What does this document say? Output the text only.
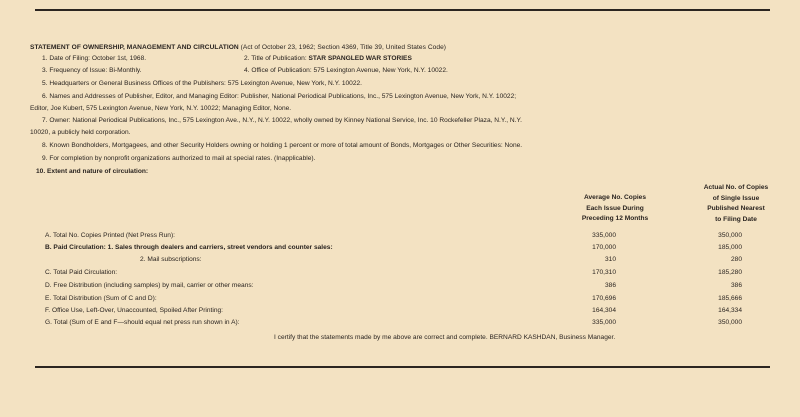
STATEMENT OF OWNERSHIP, MANAGEMENT AND CIRCULATION (Act of October 23, 1962; Section 4369, Title 39, United States Code)
1. Date of Filing: October 1st, 1968.	2. Title of Publication: STAR SPANGLED WAR STORIES
3. Frequency of Issue: Bi-Monthly.	4. Office of Publication: 575 Lexington Avenue, New York, N.Y. 10022.
5. Headquarters or General Business Offices of the Publishers: 575 Lexington Avenue, New York, N.Y. 10022.
6. Names and Addresses of Publisher, Editor, and Managing Editor: Publisher, National Periodical Publications, Inc., 575 Lexington Avenue, New York, N.Y. 10022;
Editor, Joe Kubert, 575 Lexington Avenue, New York, N.Y. 10022; Managing Editor, None.
7. Owner: National Periodical Publications, Inc., 575 Lexington Ave., N.Y., N.Y. 10022, wholly owned by Kinney National Service, Inc. 10 Rockefeller Plaza, N.Y., N.Y.
10020, a publicly held corporation.
8. Known Bondholders, Mortgagees, and other Security Holders owning or holding 1 percent or more of total amount of Bonds, Mortgages or Other Securities: None.
9. For completion by nonprofit organizations authorized to mail at special rates. (Inapplicable).
10. Extent and nature of circulation:
Average No. Copies
Each Issue During
Preceding 12 Months
Actual No. of Copies
of Single Issue
Published Nearest
to Filing Date
A. Total No. Copies Printed (Net Press Run):	335,000	350,000
B. Paid Circulation: 1. Sales through dealers and carriers, street vendors and counter sales:	170,000	185,000
2. Mail subscriptions:	310	280
C. Total Paid Circulation:	170,310	185,280
D. Free Distribution (including samples) by mail, carrier or other means:	386	386
E. Total Distribution (Sum of C and D):	170,696	185,666
F. Office Use, Left-Over, Unaccounted, Spoiled After Printing:	164,304	164,334
G. Total (Sum of E and F—should equal net press run shown in A):	335,000	350,000
I certify that the statements made by me above are correct and complete. BERNARD KASHDAN, Business Manager.
